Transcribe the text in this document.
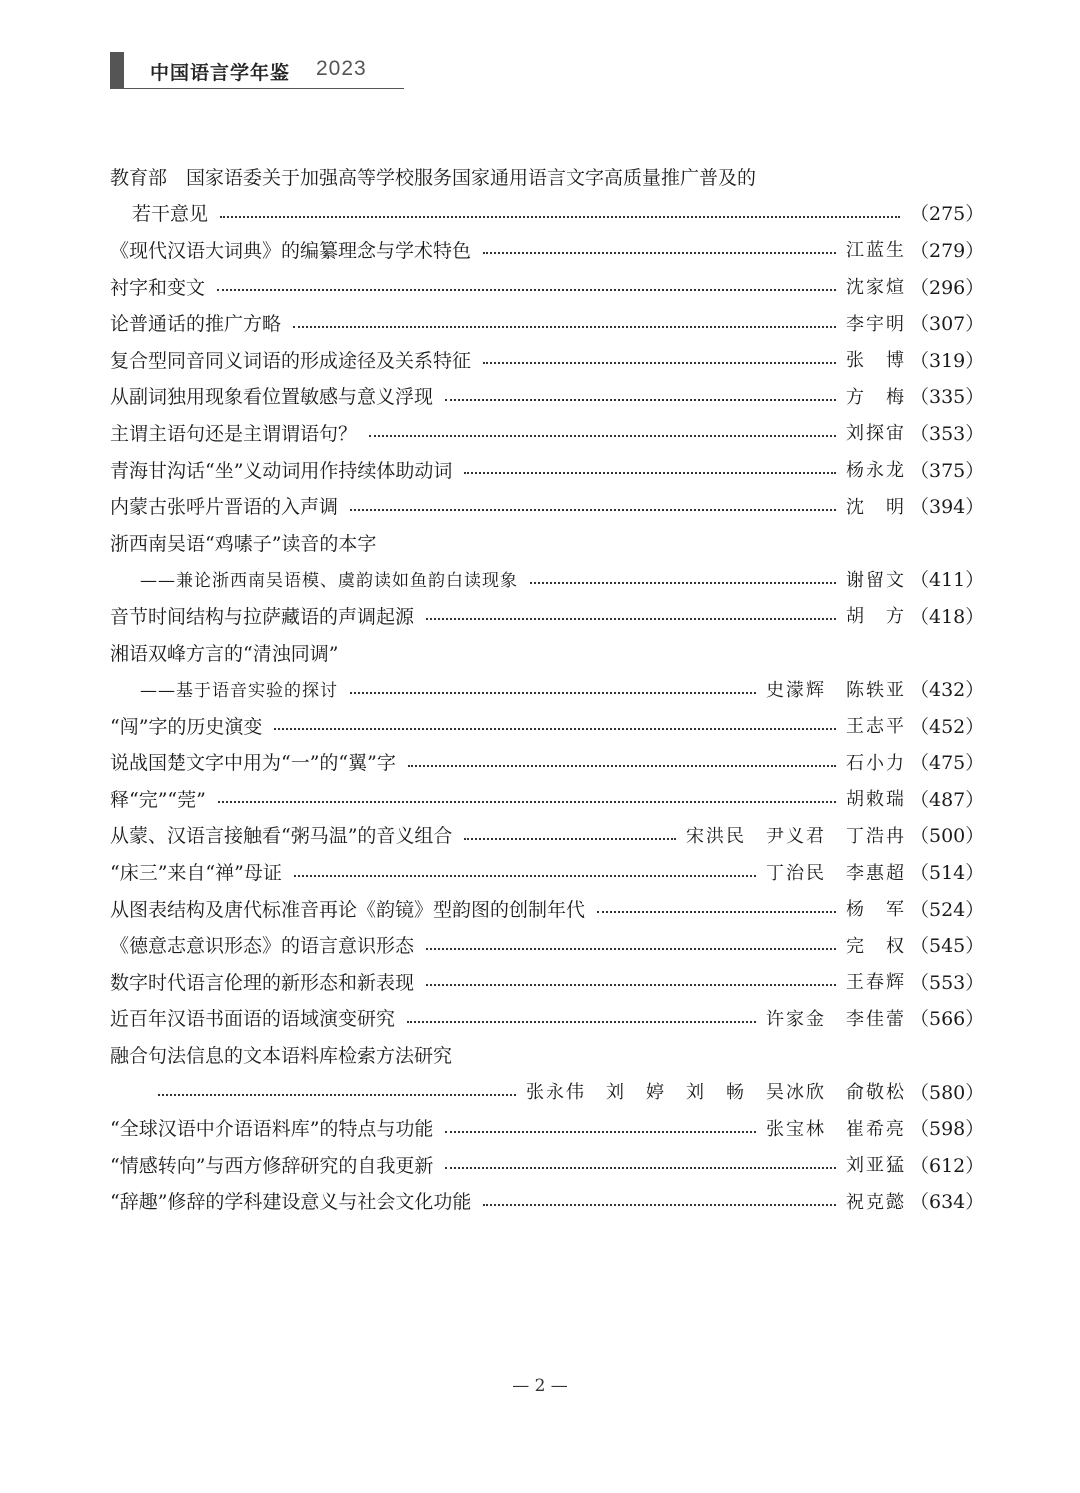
中国语言学年鉴 2023
教育部　国家语委关于加强高等学校服务国家通用语言文字高质量推广普及的
若干意见	（275）
《现代汉语大词典》的编纂理念与学术特色	江蓝生 （279）
衬字和变文	沈家煊 （296）
论普通话的推广方略	李宇明 （307）
复合型同音同义词语的形成途径及关系特征	张　博 （319）
从副词独用现象看位置敏感与意义浮现	方　梅 （335）
主谓主语句还是主谓谓语句？	刘探宙 （353）
青海甘沟话“坐”义动词用作持续体助动词	杨永龙 （375）
内蒙古张呼片晋语的入声调	沈　明 （394）
浙西南吴语“鸡嗉子”读音的本字
——兼论浙西南吴语模、虞韵读如鱼韵白读现象	谢留文 （411）
音节时间结构与拉萨藏语的声调起源	胡　方 （418）
湘语双峰方言的“清浊同调”
——基于语音实验的探讨	史濛辉　陈轶亚 （432）
“闯”字的历史演变	王志平 （452）
说战国楚文字中用为“一”的“翼”字	石小力 （475）
释“完”“莞”	胡敕瑞 （487）
从蒙、汉语言接触看“粥马温”的音义组合	宋洪民　尹义君　丁浩冉 （500）
“床三”来自“禅”母证	丁治民　李惠超 （514）
从图表结构及唐代标准音再论《韵镜》型韵图的创制年代	杨　军 （524）
《德意志意识形态》的语言意识形态	完　权 （545）
数字时代语言伦理的新形态和新表现	王春辉 （553）
近百年汉语书面语的语域演变研究	许家金　李佳蕾 （566）
融合句法信息的文本语料库检索方法研究
张永伟　刘　婷　刘　畅　吴冰欣　俞敬松 （580）
“全球汉语中介语语料库”的特点与功能	张宝林　崔希亮 （598）
“情感转向”与西方修辞研究的自我更新	刘亚猛 （612）
“辞趣”修辞的学科建设意义与社会文化功能	祝克懿 （634）
— 2 —
